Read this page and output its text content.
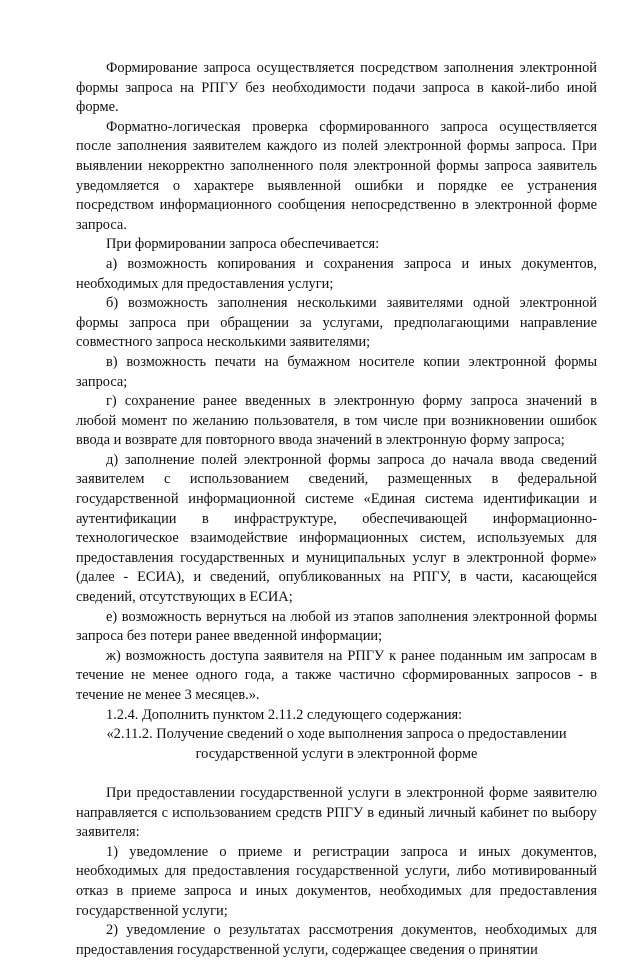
Формирование запроса осуществляется посредством заполнения электронной формы запроса на РПГУ без необходимости подачи запроса в какой-либо иной форме.

Форматно-логическая проверка сформированного запроса осуществляется после заполнения заявителем каждого из полей электронной формы запроса. При выявлении некорректно заполненного поля электронной формы запроса заявитель уведомляется о характере выявленной ошибки и порядке ее устранения посредством информационного сообщения непосредственно в электронной форме запроса.

При формировании запроса обеспечивается:

а) возможность копирования и сохранения запроса и иных документов, необходимых для предоставления услуги;

б) возможность заполнения несколькими заявителями одной электронной формы запроса при обращении за услугами, предполагающими направление совместного запроса несколькими заявителями;

в) возможность печати на бумажном носителе копии электронной формы запроса;

г) сохранение ранее введенных в электронную форму запроса значений в любой момент по желанию пользователя, в том числе при возникновении ошибок ввода и возврате для повторного ввода значений в электронную форму запроса;

д) заполнение полей электронной формы запроса до начала ввода сведений заявителем с использованием сведений, размещенных в федеральной государственной информационной системе «Единая система идентификации и аутентификации в инфраструктуре, обеспечивающей информационно-технологическое взаимодействие информационных систем, используемых для предоставления государственных и муниципальных услуг в электронной форме» (далее - ЕСИА), и сведений, опубликованных на РПГУ, в части, касающейся сведений, отсутствующих в ЕСИА;

е) возможность вернуться на любой из этапов заполнения электронной формы запроса без потери ранее введенной информации;

ж) возможность доступа заявителя на РПГУ к ранее поданным им запросам в течение не менее одного года, а также частично сформированных запросов - в течение не менее 3 месяцев.».

1.2.4. Дополнить пунктом 2.11.2 следующего содержания:

«2.11.2. Получение сведений о ходе выполнения запроса о предоставлении

государственной услуги в электронной форме

При предоставлении государственной услуги в электронной форме заявителю направляется с использованием средств РПГУ в единый личный кабинет по выбору заявителя:

1) уведомление о приеме и регистрации запроса и иных документов, необходимых для предоставления государственной услуги, либо мотивированный отказ в приеме запроса и иных документов, необходимых для предоставления государственной услуги;

2) уведомление о результатах рассмотрения документов, необходимых для предоставления государственной услуги, содержащее сведения о принятии
